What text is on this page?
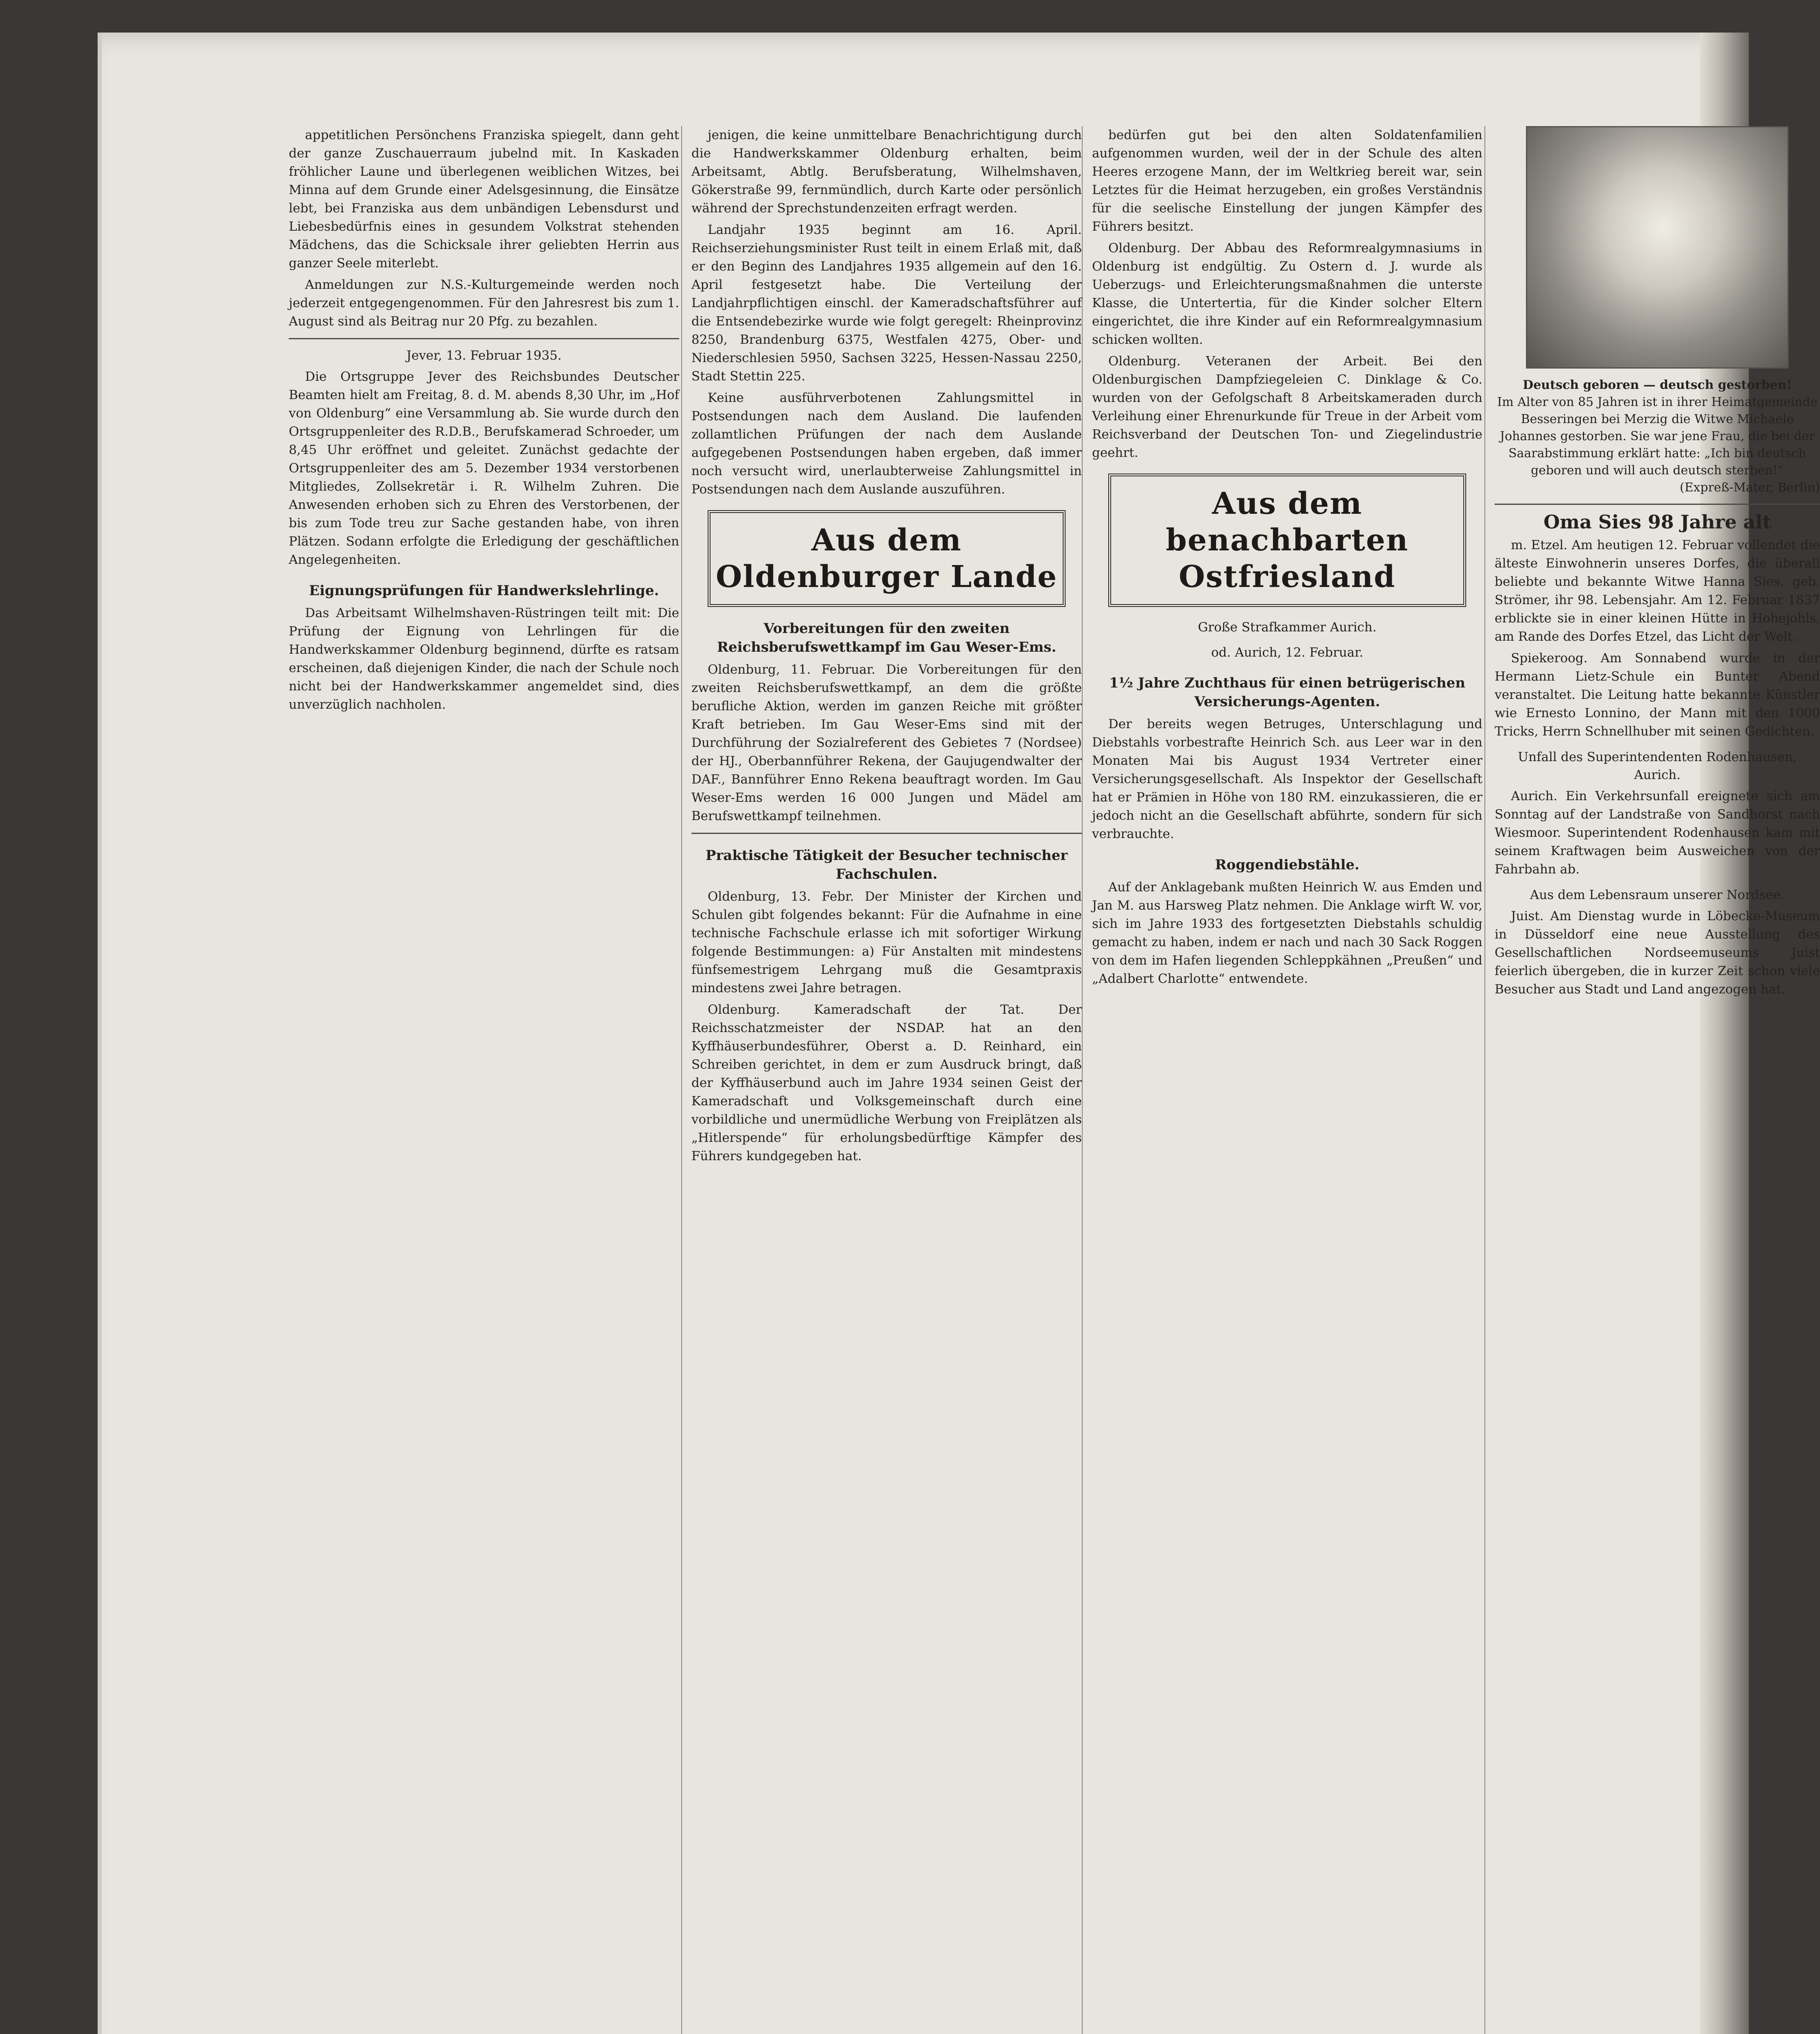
appetitlichen Persönchens Franziska spiegelt, dann geht der ganze Zuschauerraum jubelnd mit. In Kaskaden fröhlicher Laune und überlegenen weiblichen Witzes, bei Minna auf dem Grunde einer Adelsgesinnung, die Einsätze lebt, bei Franziska aus dem unbändigen Lebensdurst und Liebesbedürfnis eines in gesundem Volkstrat stehenden Mädchens, das die Schicksale ihrer geliebten Herrin aus ganzer Seele miterlebt.

Anmeldungen zur N.S.-Kulturgemeinde werden noch jederzeit entgegengenommen. Für den Jahresrest bis zum 1. August sind als Beitrag nur 20 Pfg. zu bezahlen.

Jever, 13. Februar 1935.

Die Ortsgruppe Jever des Reichsbundes Deutscher Beamten hielt am Freitag, 8. d. M. abends 8,30 Uhr, im „Hof von Oldenburg“ eine Versammlung ab. Sie wurde durch den Ortsgruppenleiter des R.D.B., Berufskamerad Schroeder, um 8,45 Uhr eröffnet und geleitet. Zunächst gedachte der Ortsgruppenleiter des am 5. Dezember 1934 verstorbenen Mitgliedes, Zollsekretär i. R. Wilhelm Zuhren. Die Anwesenden erhoben sich zu Ehren des Verstorbenen, der bis zum Tode treu zur Sache gestanden habe, von ihren Plätzen. Sodann erfolgte die Erledigung der geschäftlichen Angelegenheiten.

Eignungsprüfungen für Handwerkslehrlinge.

Das Arbeitsamt Wilhelmshaven-Rüstringen teilt mit: Die Prüfung der Eignung von Lehrlingen für die Handwerkskammer Oldenburg beginnend, dürfte es ratsam erscheinen, daß diejenigen Kinder, die nach der Schule noch nicht bei der Handwerkskammer angemeldet sind, dies unverzüglich nachholen.

jenigen, die keine unmittelbare Benachrichtigung durch die Handwerkskammer Oldenburg erhalten, beim Arbeitsamt, Abtlg. Berufsberatung, Wilhelmshaven, Gökerstraße 99, fernmündlich, durch Karte oder persönlich während der Sprechstundenzeiten erfragt werden.

Landjahr 1935 beginnt am 16. April. Reichserziehungsminister Rust teilt in einem Erlaß mit, daß er den Beginn des Landjahres 1935 allgemein auf den 16. April festgesetzt habe. Die Verteilung der Landjahrpflichtigen einschl. der Kameradschaftsführer auf die Entsendebezirke wurde wie folgt geregelt: Rheinprovinz 8250, Brandenburg 6375, Westfalen 4275, Ober- und Niederschlesien 5950, Sachsen 3225, Hessen-Nassau 2250, Stadt Stettin 225.

Keine ausführverbotenen Zahlungsmittel in Postsendungen nach dem Ausland. Die laufenden zollamtlichen Prüfungen der nach dem Auslande aufgegebenen Postsendungen haben ergeben, daß immer noch versucht wird, unerlaubterweise Zahlungsmittel in Postsendungen nach dem Auslande auszuführen.

Aus dem Oldenburger Lande
Vorbereitungen für den zweiten Reichsberufswettkampf im Gau Weser-Ems.

Oldenburg, 11. Februar. Die Vorbereitungen für den zweiten Reichsberufswettkampf, an dem die größte berufliche Aktion, werden im ganzen Reiche mit größter Kraft betrieben. Im Gau Weser-Ems sind mit der Durchführung der Sozialreferent des Gebietes 7 (Nordsee) der HJ., Oberbannführer Rekena, der Gaujugendwalter der DAF., Bannführer Enno Rekena beauftragt worden. Im Gau Weser-Ems werden 16 000 Jungen und Mädel am Berufswettkampf teilnehmen.

Praktische Tätigkeit der Besucher technischer Fachschulen.

Oldenburg, 13. Febr. Der Minister der Kirchen und Schulen gibt folgendes bekannt: Für die Aufnahme in eine technische Fachschule erlasse ich mit sofortiger Wirkung folgende Bestimmungen: a) Für Anstalten mit mindestens fünfsemestrigem Lehrgang muß die Gesamtpraxis mindestens zwei Jahre betragen.

Oldenburg. Kameradschaft der Tat. Der Reichsschatzmeister der NSDAP. hat an den Kyffhäuserbundesführer, Oberst a. D. Reinhard, ein Schreiben gerichtet, in dem er zum Ausdruck bringt, daß der Kyffhäuserbund auch im Jahre 1934 seinen Geist der Kameradschaft und Volksgemeinschaft durch eine vorbildliche und unermüdliche Werbung von Freiplätzen als „Hitlerspende“ für erholungsbedürftige Kämpfer des Führers kundgegeben hat.

bedürfen gut bei den alten Soldatenfamilien aufgenommen wurden, weil der in der Schule des alten Heeres erzogene Mann, der im Weltkrieg bereit war, sein Letztes für die Heimat herzugeben, ein großes Verständnis für die seelische Einstellung der jungen Kämpfer des Führers besitzt.

Oldenburg. Der Abbau des Reformrealgymnasiums in Oldenburg ist endgültig. Zu Ostern d. J. wurde als Ueberzugs- und Erleichterungsmaßnahmen die unterste Klasse, die Untertertia, für die Kinder solcher Eltern eingerichtet, die ihre Kinder auf ein Reformrealgymnasium schicken wollten.

Oldenburg. Veteranen der Arbeit. Bei den Oldenburgischen Dampfziegeleien C. Dinklage & Co. wurden von der Gefolgschaft 8 Arbeitskameraden durch Verleihung einer Ehrenurkunde für Treue in der Arbeit vom Reichsverband der Deutschen Ton- und Ziegelindustrie geehrt.

Aus dem benachbarten Ostfriesland
Große Strafkammer Aurich.
od. Aurich, 12. Februar.
1½ Jahre Zuchthaus für einen betrügerischen Versicherungs-Agenten.

Der bereits wegen Betruges, Unterschlagung und Diebstahls vorbestrafte Heinrich Sch. aus Leer war in den Monaten Mai bis August 1934 Vertreter einer Versicherungsgesellschaft. Als Inspektor der Gesellschaft hat er Prämien in Höhe von 180 RM. einzukassieren, die er jedoch nicht an die Gesellschaft abführte, sondern für sich verbrauchte.

Roggendiebstähle.

Auf der Anklagebank mußten Heinrich W. aus Emden und Jan M. aus Harsweg Platz nehmen. Die Anklage wirft W. vor, sich im Jahre 1933 des fortgesetzten Diebstahls schuldig gemacht zu haben, indem er nach und nach 30 Sack Roggen von dem im Hafen liegenden Schleppkähnen „Preußen“ und „Adalbert Charlotte“ entwendete.

Deutsch geboren — deutsch gestorben!
Im Alter von 85 Jahren ist in ihrer Heimatgemeinde Besseringen bei Merzig die Witwe Michaele Johannes gestorben. Sie war jene Frau, die bei der Saarabstimmung erklärt hatte: „Ich bin deutsch geboren und will auch deutsch sterben!“
(Expreß-Mater, Berlin)
Oma Sies 98 Jahre alt

m. Etzel. Am heutigen 12. Februar vollendet die älteste Einwohnerin unseres Dorfes, die überall beliebte und bekannte Witwe Hanna Sies, geb. Strömer, ihr 98. Lebensjahr. Am 12. Februar 1837 erblickte sie in einer kleinen Hütte in Hohejohls, am Rande des Dorfes Etzel, das Licht der Welt.

Spiekeroog. Am Sonnabend wurde in der Hermann Lietz-Schule ein Bunter Abend veranstaltet. Die Leitung hatte bekannte Künstler wie Ernesto Lonnino, der Mann mit den 1000 Tricks, Herrn Schnellhuber mit seinen Gedichten.

Unfall des Superintendenten Rodenhausen, Aurich.

Aurich. Ein Verkehrsunfall ereignete sich am Sonntag auf der Landstraße von Sandhorst nach Wiesmoor. Superintendent Rodenhausen kam mit seinem Kraftwagen beim Ausweichen von der Fahrbahn ab.

Aus dem Lebensraum unserer Nordsee.

Juist. Am Dienstag wurde in Löbecke-Museum in Düsseldorf eine neue Ausstellung des Gesellschaftlichen Nordseemuseums Juist feierlich übergeben, die in kurzer Zeit schon viele Besucher aus Stadt und Land angezogen hat.
